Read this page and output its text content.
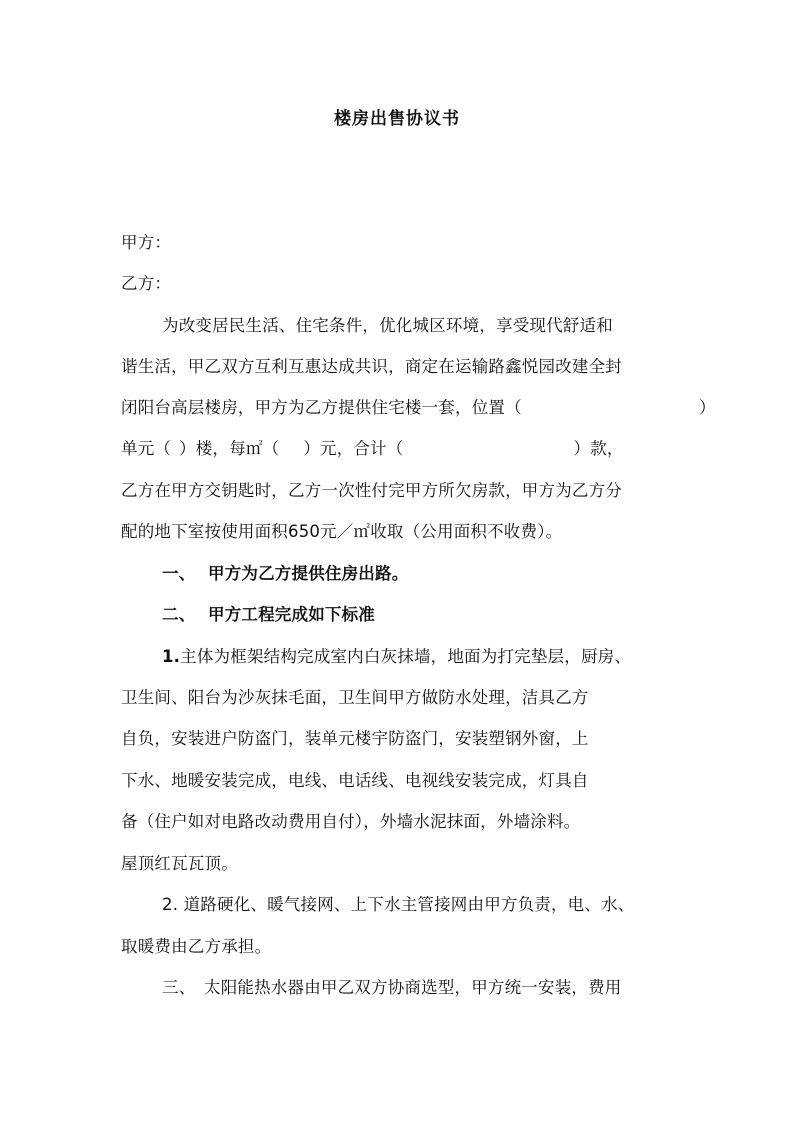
楼房出售协议书
甲方：
乙方：
为改变居民生活、住宅条件，优化城区环境，享受现代舒适和
谐生活，甲乙双方互利互惠达成共识，商定在运输路鑫悦园改建全封
闭阳台高层楼房，甲方为乙方提供住宅楼一套，位置（	）
单元（ ）楼，每㎡（ ）元，合计（	）款，
乙方在甲方交钥匙时，乙方一次性付完甲方所欠房款，甲方为乙方分
配的地下室按使用面积650元／㎡收取（公用面积不收费）。
一、 甲方为乙方提供住房出路。
二、 甲方工程完成如下标准
1.主体为框架结构完成室内白灰抹墙，地面为打完垫层，厨房、
卫生间、阳台为沙灰抹毛面，卫生间甲方做防水处理，洁具乙方
自负，安装进户防盗门，装单元楼宇防盗门，安装塑钢外窗，上
下水、地暖安装完成，电线、电话线、电视线安装完成，灯具自
备（住户如对电路改动费用自付），外墙水泥抹面，外墙涂料。
屋顶红瓦瓦顶。
2. 道路硬化、暖气接网、上下水主管接网由甲方负责，电、水、
取暖费由乙方承担。
三、 太阳能热水器由甲乙双方协商选型，甲方统一安装，费用
